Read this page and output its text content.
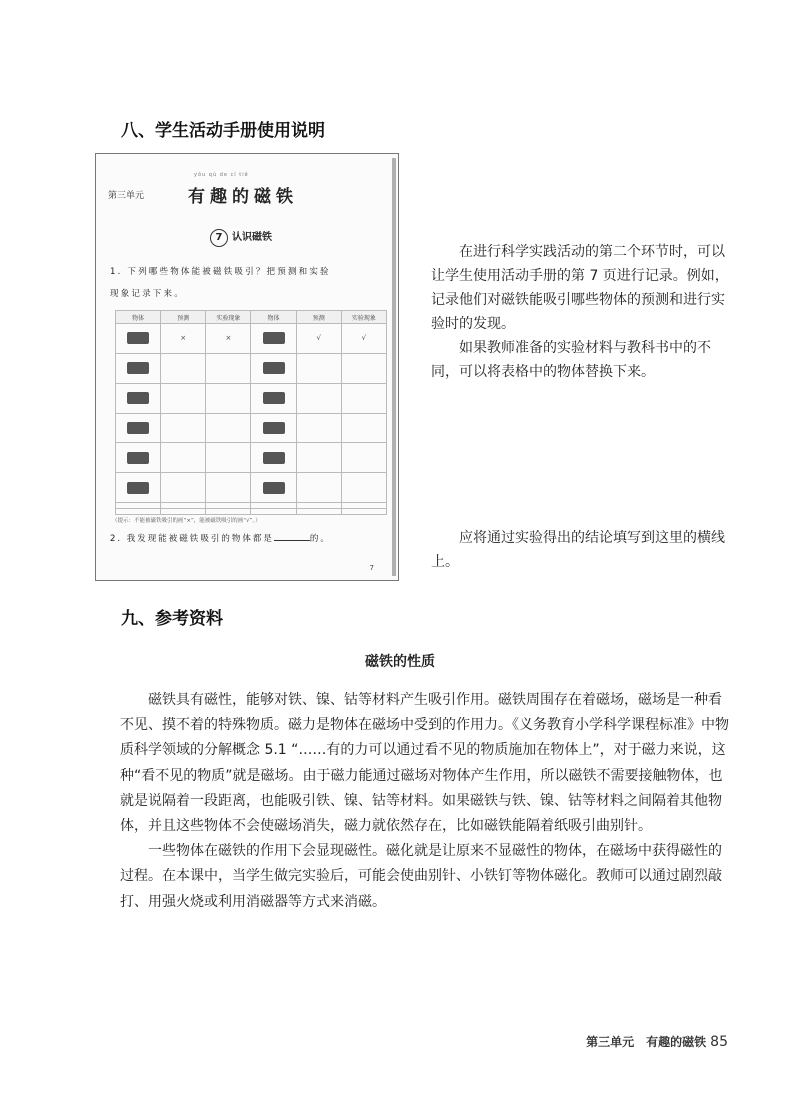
八、学生活动手册使用说明
第三单元
yǒu qù de cí tiě
有趣的磁铁
7 认识磁铁
1. 下列哪些物体能被磁铁吸引？把预测和实验
现象记录下来。
物体	预测	实验现象	物体	预测	实验现象

	×	×		√	√

（提示：不能被磁铁吸引的画“×”，能被磁铁吸引的画“√”。）
2. 我发现能被磁铁吸引的物体都是	的。
7

在进行科学实践活动的第二个环节时，可以让学生使用活动手册的第 7 页进行记录。例如，记录他们对磁铁能吸引哪些物体的预测和进行实验时的发现。

如果教师准备的实验材料与教科书中的不同，可以将表格中的物体替换下来。

应将通过实验得出的结论填写到这里的横线上。
九、参考资料
磁铁的性质

磁铁具有磁性，能够对铁、镍、钴等材料产生吸引作用。磁铁周围存在着磁场，磁场是一种看不见、摸不着的特殊物质。磁力是物体在磁场中受到的作用力。《义务教育小学科学课程标准》中物质科学领域的分解概念 5.1 “……有的力可以通过看不见的物质施加在物体上”，对于磁力来说，这种“看不见的物质”就是磁场。由于磁力能通过磁场对物体产生作用，所以磁铁不需要接触物体，也就是说隔着一段距离，也能吸引铁、镍、钴等材料。如果磁铁与铁、镍、钴等材料之间隔着其他物体，并且这些物体不会使磁场消失，磁力就依然存在，比如磁铁能隔着纸吸引曲别针。

一些物体在磁铁的作用下会显现磁性。磁化就是让原来不显磁性的物体，在磁场中获得磁性的过程。在本课中，当学生做完实验后，可能会使曲别针、小铁钉等物体磁化。教师可以通过剧烈敲打、用强火烧或利用消磁器等方式来消磁。

第三单元　有趣的磁铁 85
